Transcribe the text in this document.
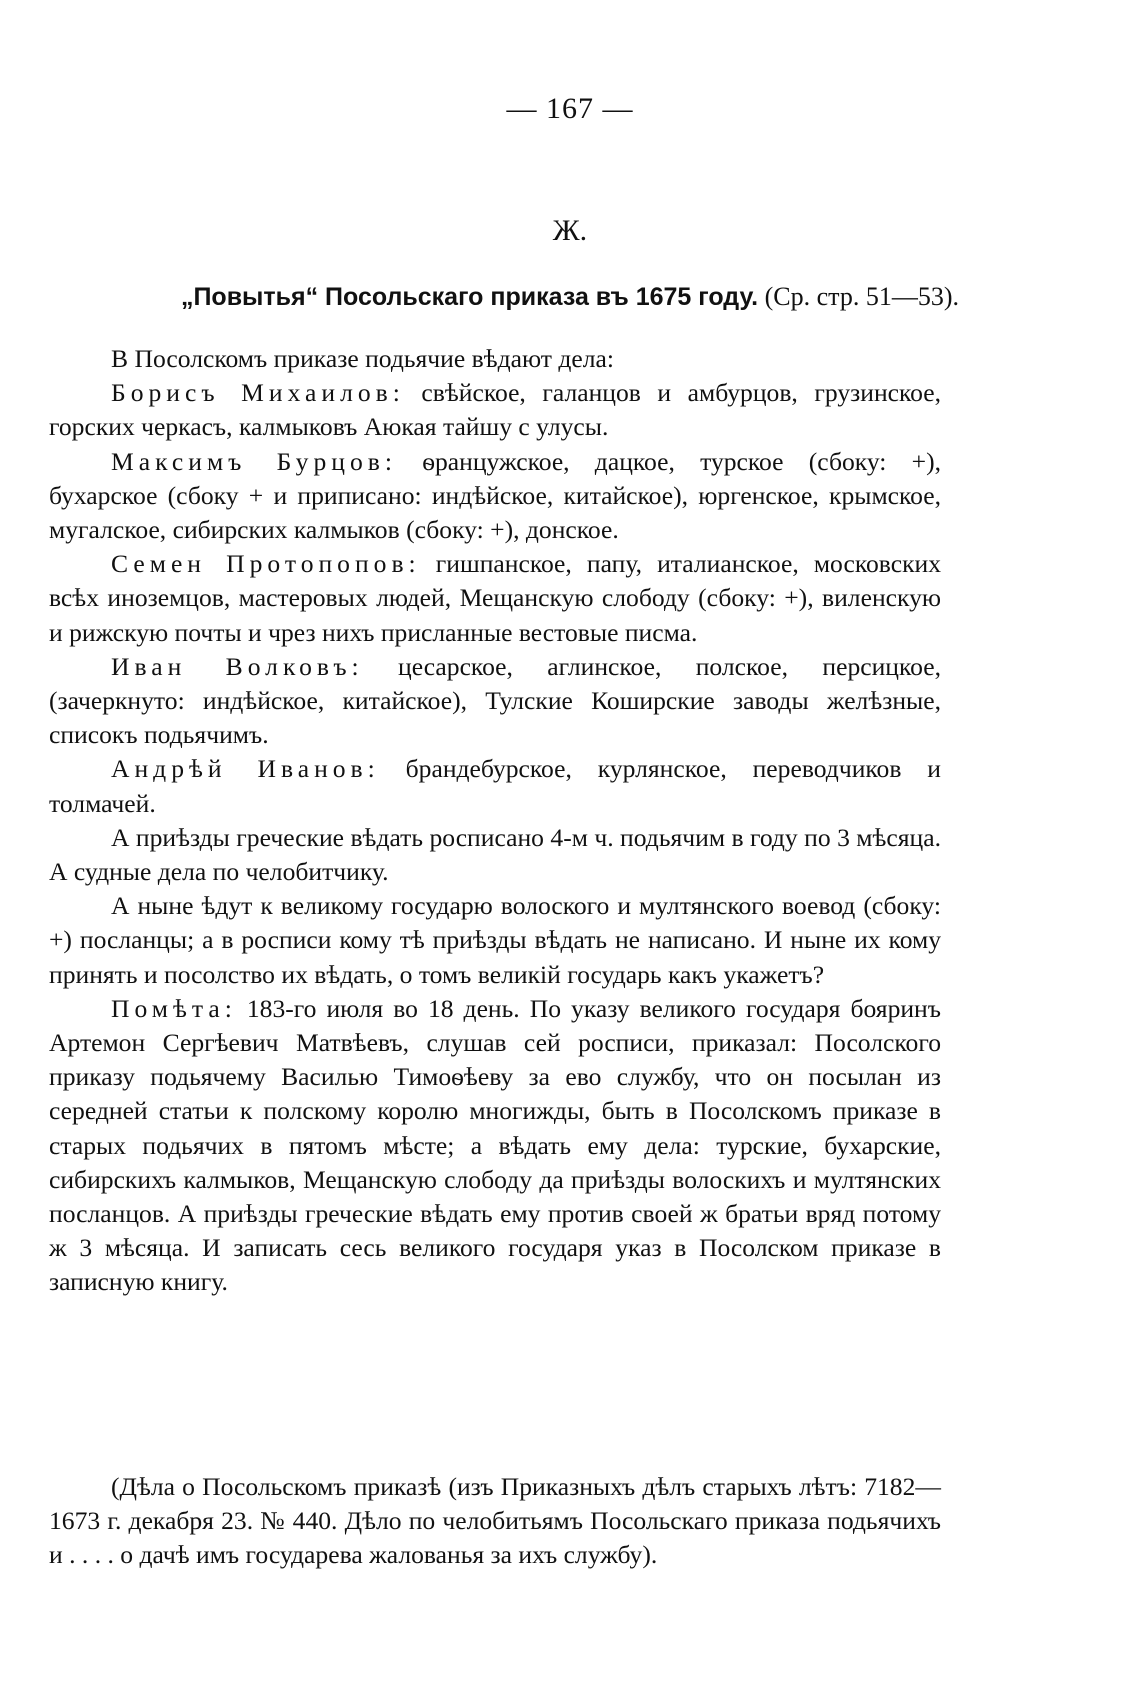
— 167 —
Ж.
„Повытья“ Посольскаго приказа въ 1675 году. (Ср. стр. 51—53).

В Посолскомъ приказе подьячие вѣдают дела:

Борисъ Михаилов: свѣйское, галанцов и амбурцов, грузинское, горских черкасъ, калмыковъ Аюкая тайшу с улусы.

Максимъ Бурцов: ѳранцужское, дацкое, турское (сбоку: +), бухарское (сбоку + и приписано: индѣйское, китайское), юргенское, крымское, мугалское, сибирских калмыков (сбоку: +), донское.

Семен Протопопов: гишпанское, папу, италианское, московских всѣх иноземцов, мастеровых людей, Мещанскую слободу (сбоку: +), виленскую и рижскую почты и чрез нихъ присланные вестовые писма.

Иван Волковъ: цесарское, аглинское, полское, персицкое, (зачеркнуто: индѣйское, китайское), Тулские Коширские заводы желѣзные, списокъ подьячимъ.

Андрѣй Иванов: брандебурское, курлянское, переводчиков и толмачей.

А приѣзды греческие вѣдать росписано 4-м ч. подьячим в году по 3 мѣсяца. А судные дела по челобитчику.

А ныне ѣдут к великому государю волоского и мултянского воевод (сбоку: +) посланцы; а в росписи кому тѣ приѣзды вѣдать не написано. И ныне их кому принять и посолство их вѣдать, о томъ великій государь какъ укажетъ?

Помѣта: 183-го июля во 18 день. По указу великого государя бояринъ Артемон Сергѣевич Матвѣевъ, слушав сей росписи, приказал: Посолского приказу подьячему Василью Тимоѳѣеву за ево службу, что он посылан из середней статьи к полскому королю многижды, быть в Посолскомъ приказе в старых подьячих в пятомъ мѣсте; а вѣдать ему дела: турские, бухарские, сибирскихъ калмыков, Мещанскую слободу да приѣзды волоскихъ и мултянских посланцов. А приѣзды греческие вѣдать ему против своей ж братьи вряд потому ж 3 мѣсяца. И записать сесь великого государя указ в Посолском приказе в записную книгу.

(Дѣла о Посольскомъ приказѣ (изъ Приказныхъ дѣлъ старыхъ лѣтъ: 7182—1673 г. декабря 23. № 440. Дѣло по челобитьямъ Посольскаго приказа подьячихъ и . . . . о дачѣ имъ государева жалованья за ихъ службу).
